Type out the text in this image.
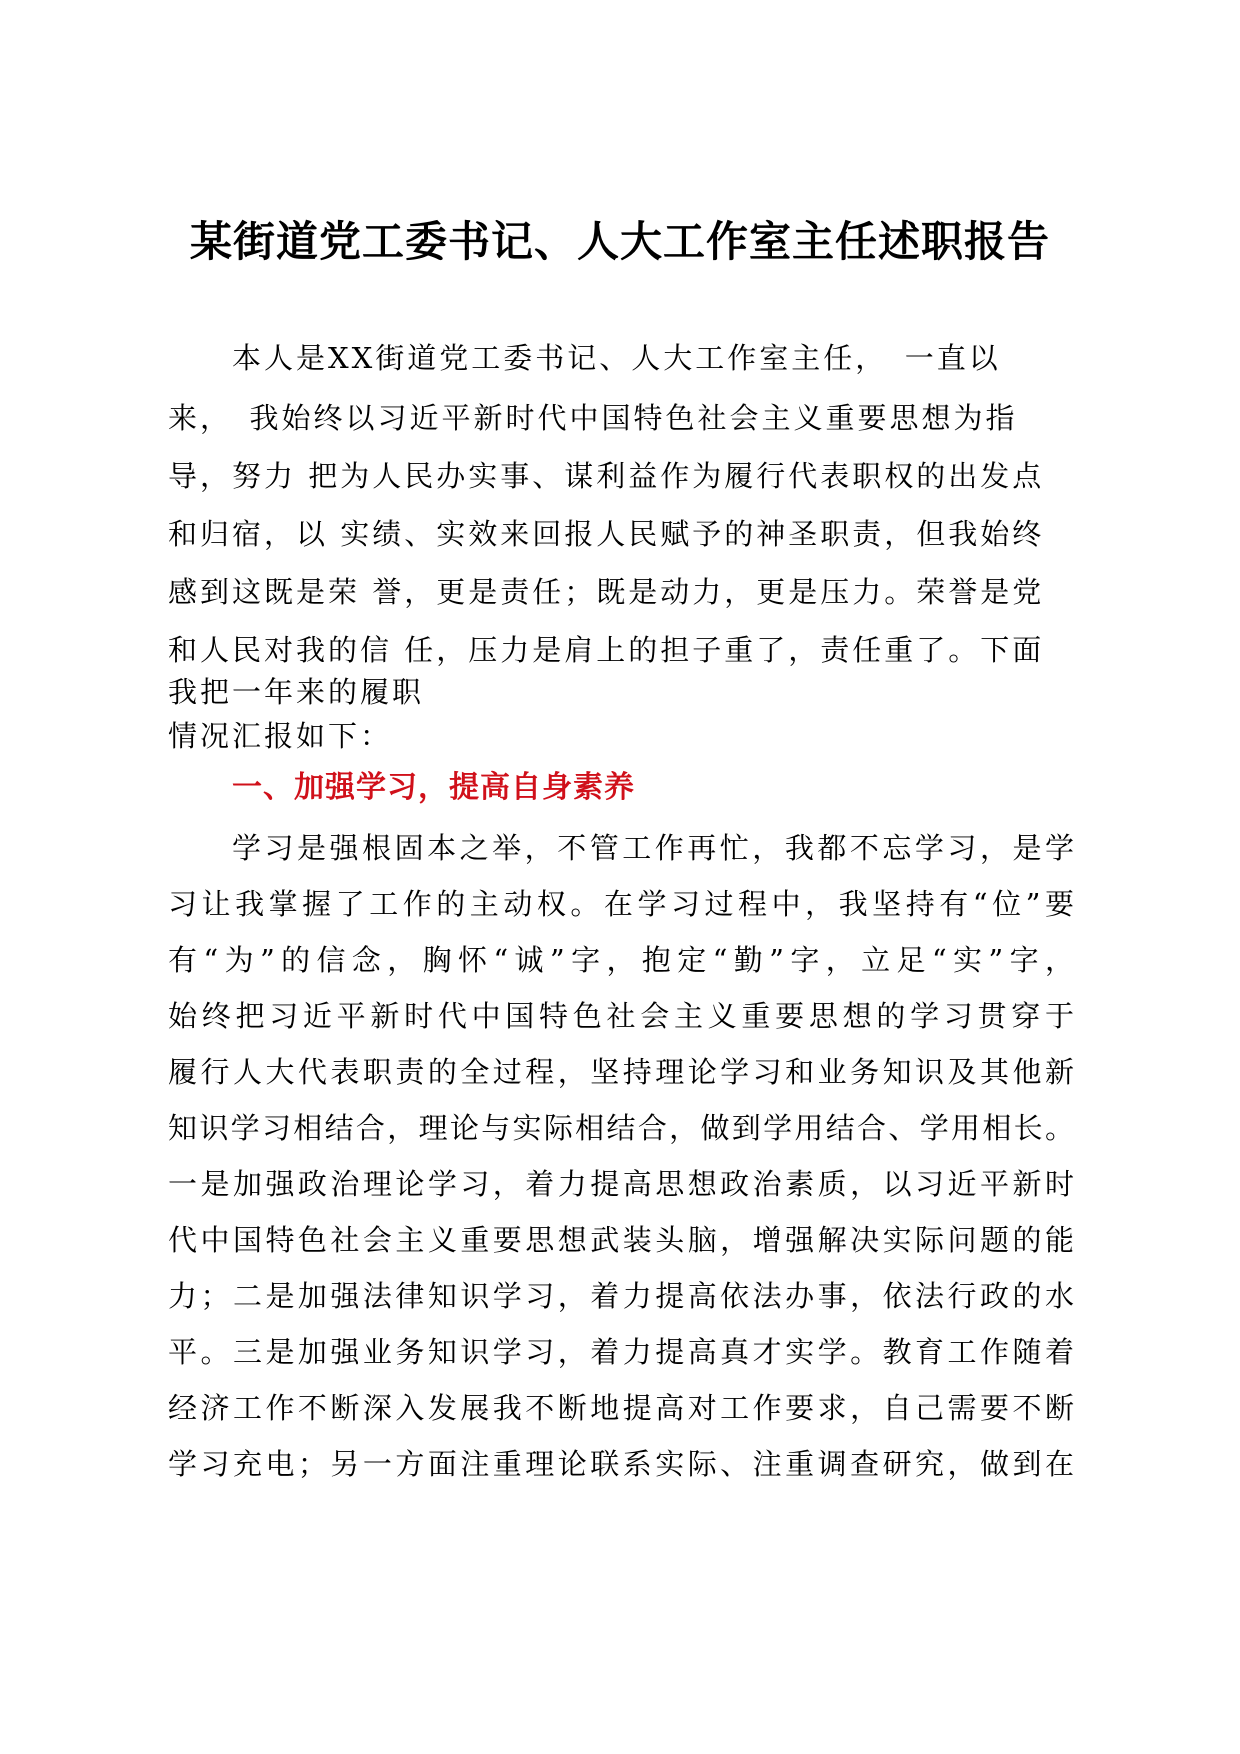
某街道党工委书记、人大工作室主任述职报告
本人是XX街道党工委书记、人大工作室主任，　一直以
来，　我始终以习近平新时代中国特色社会主义重要思想为指
导，努力 把为人民办实事、谋利益作为履行代表职权的出发点
和归宿，以 实绩、实效来回报人民赋予的神圣职责，但我始终
感到这既是荣 誉，更是责任；既是动力，更是压力。荣誉是党
和人民对我的信 任，压力是肩上的担子重了，责任重了。下面
我把一年来的履职
情况汇报如下：
一、加强学习，提高自身素养
学习是强根固本之举，不管工作再忙，我都不忘学习，是学
习让我掌握了工作的主动权。在学习过程中，我坚持有“位”要
有“为”的信念，胸怀“诚”字，抱定“勤”字，立足“实”字，
始终把习近平新时代中国特色社会主义重要思想的学习贯穿于
履行人大代表职责的全过程，坚持理论学习和业务知识及其他新
知识学习相结合，理论与实际相结合，做到学用结合、学用相长。
一是加强政治理论学习，着力提高思想政治素质，以习近平新时
代中国特色社会主义重要思想武装头脑，增强解决实际问题的能
力；二是加强法律知识学习，着力提高依法办事，依法行政的水
平。三是加强业务知识学习，着力提高真才实学。教育工作随着
经济工作不断深入发展我不断地提高对工作要求，自己需要不断
学习充电；另一方面注重理论联系实际、注重调查研究，做到在
